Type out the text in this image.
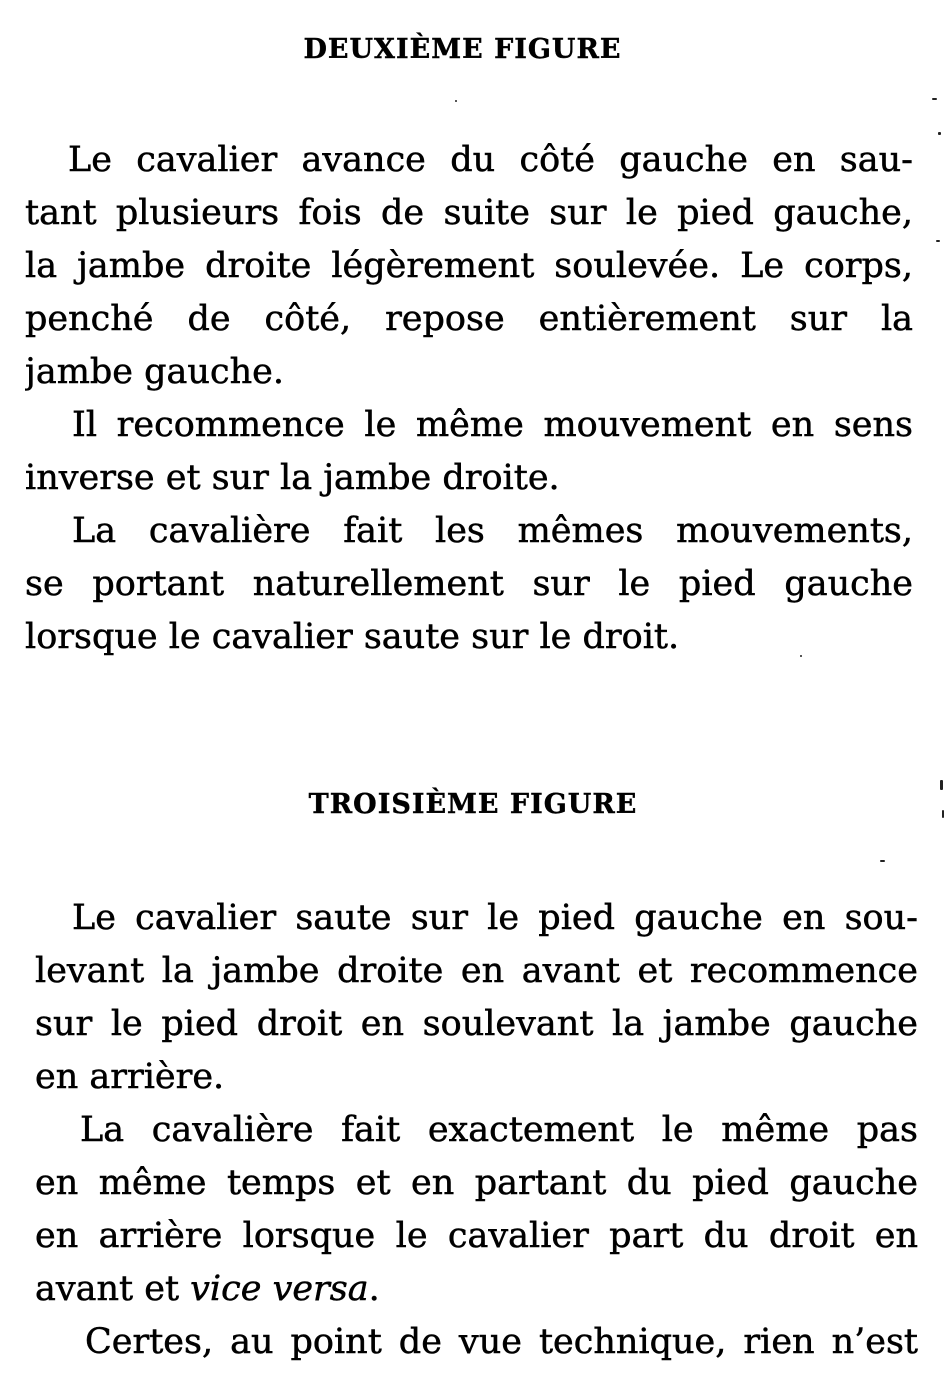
DEUXIÈME FIGURE
Le cavalier avance du côté gauche en sau-
tant plusieurs fois de suite sur le pied gauche,
la jambe droite légèrement soulevée. Le corps,
penché de côté, repose entièrement sur la
jambe gauche.
Il recommence le même mouvement en sens
inverse et sur la jambe droite.
La cavalière fait les mêmes mouvements,
se portant naturellement sur le pied gauche
lorsque le cavalier saute sur le droit.
TROISIÈME FIGURE
Le cavalier saute sur le pied gauche en sou-
levant la jambe droite en avant et recommence
sur le pied droit en soulevant la jambe gauche
en arrière.
La cavalière fait exactement le même pas
en même temps et en partant du pied gauche
en arrière lorsque le cavalier part du droit en
avant et vice versa.
Certes, au point de vue technique, rien n’est
